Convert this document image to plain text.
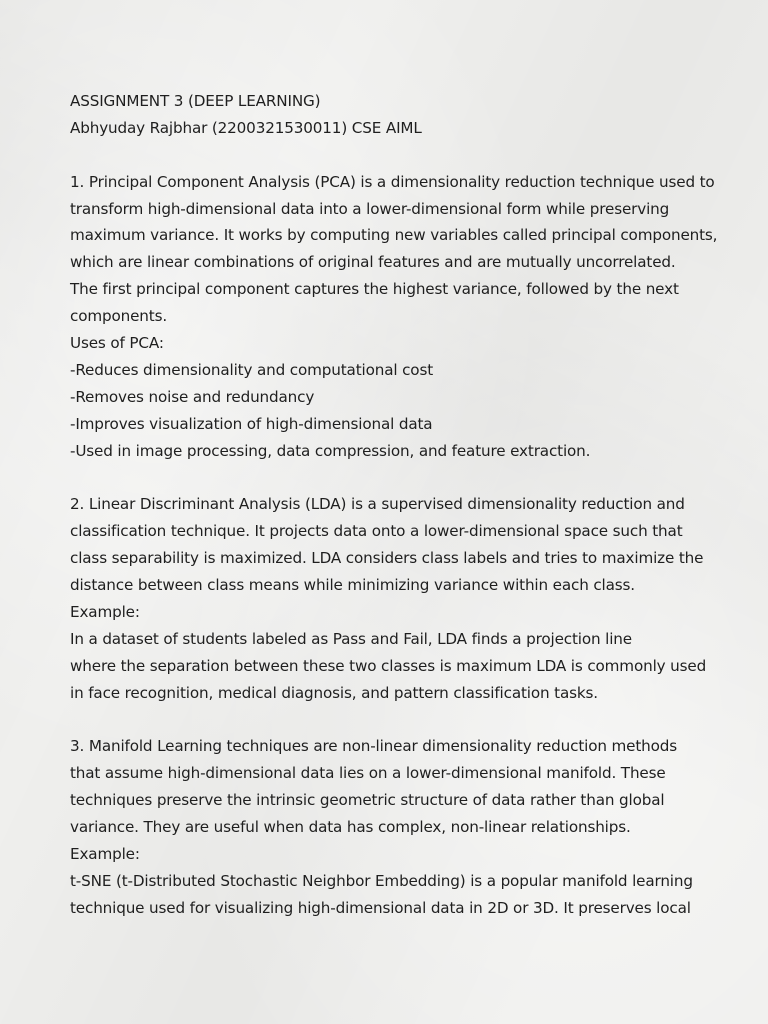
ASSIGNMENT 3 (DEEP LEARNING)
Abhyuday Rajbhar (2200321530011) CSE AIML
1. Principal Component Analysis (PCA) is a dimensionality reduction technique used to
transform high-dimensional data into a lower-dimensional form while preserving
maximum variance. It works by computing new variables called principal components,
which are linear combinations of original features and are mutually uncorrelated.
The first principal component captures the highest variance, followed by the next
components.
Uses of PCA:
-Reduces dimensionality and computational cost
-Removes noise and redundancy
-Improves visualization of high-dimensional data
-Used in image processing, data compression, and feature extraction.
2. Linear Discriminant Analysis (LDA) is a supervised dimensionality reduction and
classification technique. It projects data onto a lower-dimensional space such that
class separability is maximized. LDA considers class labels and tries to maximize the
distance between class means while minimizing variance within each class.
Example:
In a dataset of students labeled as Pass and Fail, LDA finds a projection line
where the separation between these two classes is maximum LDA is commonly used
in face recognition, medical diagnosis, and pattern classification tasks.
3. Manifold Learning techniques are non-linear dimensionality reduction methods
that assume high-dimensional data lies on a lower-dimensional manifold. These
techniques preserve the intrinsic geometric structure of data rather than global
variance. They are useful when data has complex, non-linear relationships.
Example:
t-SNE (t-Distributed Stochastic Neighbor Embedding) is a popular manifold learning
technique used for visualizing high-dimensional data in 2D or 3D. It preserves local
